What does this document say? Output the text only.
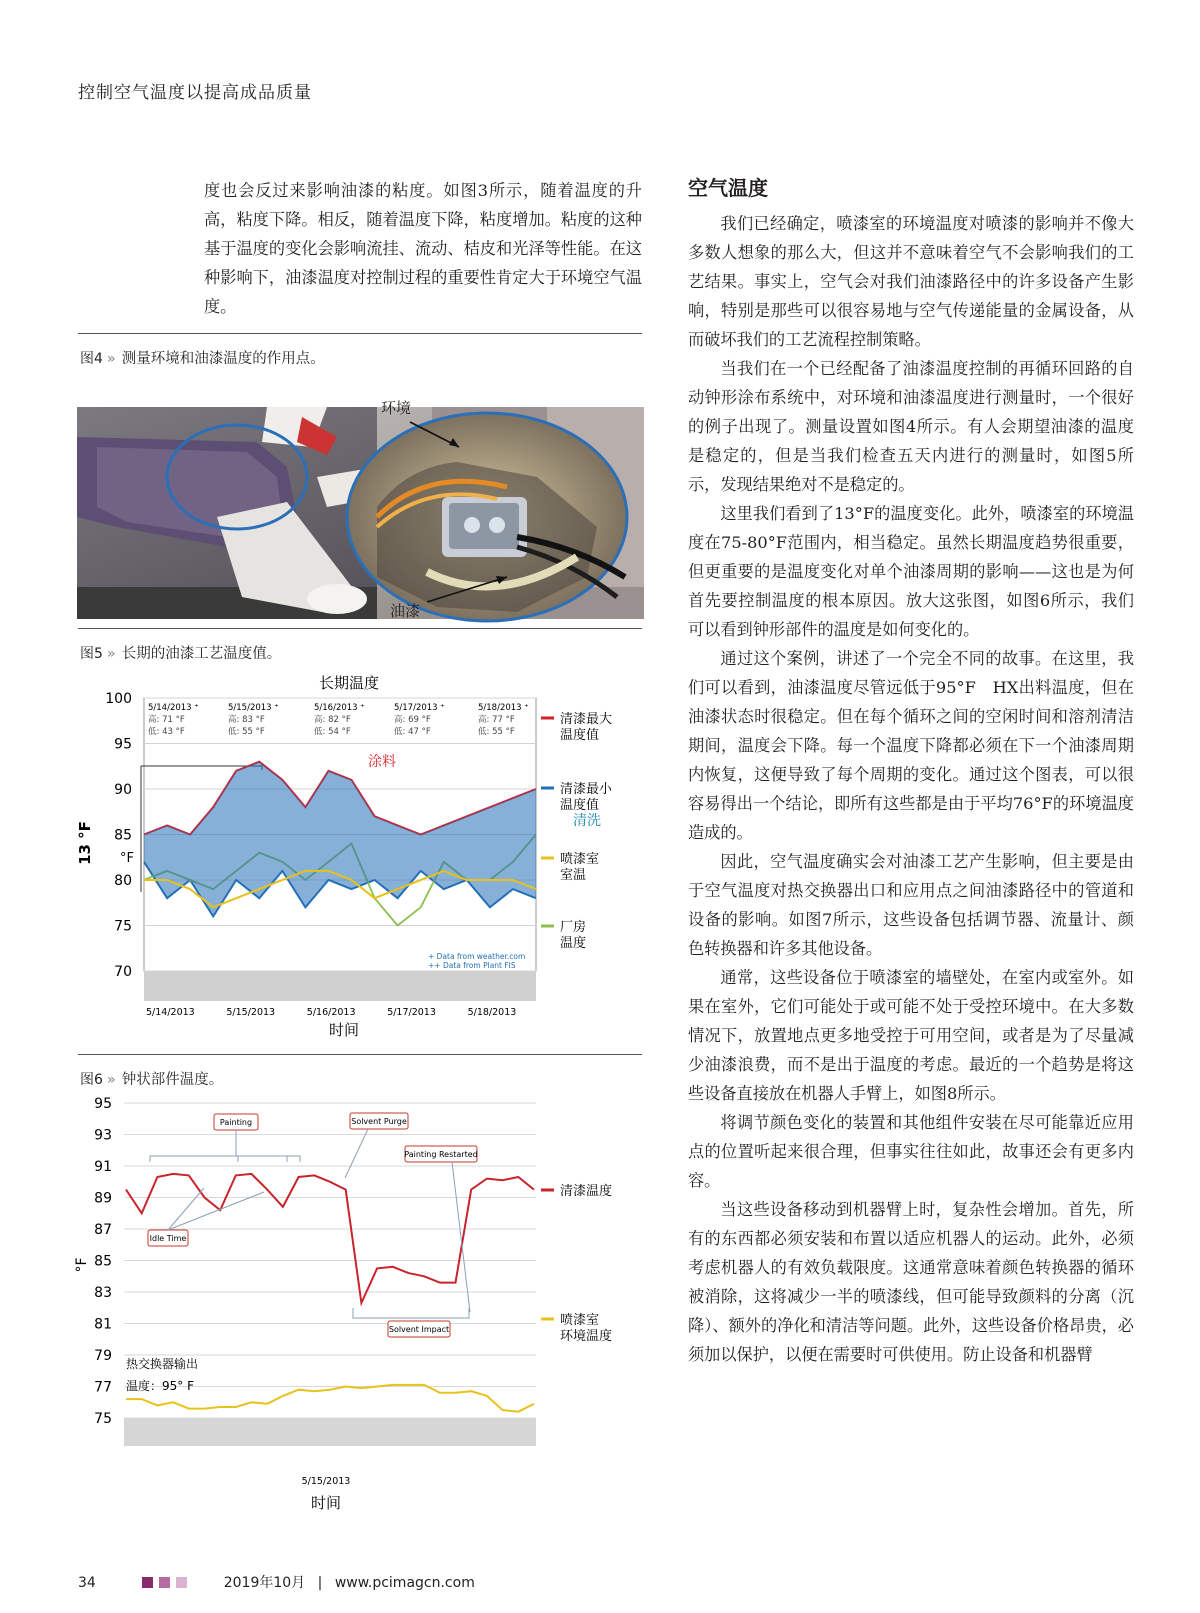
控制空气温度以提高成品质量

度也会反过来影响油漆的粘度。如图3所示，随着温度的升高，粘度下降。相反，随着温度下降，粘度增加。粘度的这种基于温度的变化会影响流挂、流动、桔皮和光泽等性能。在这种影响下，油漆温度对控制过程的重要性肯定大于环境空气温度。

图4 » 测量环境和油漆温度的作用点。
环境
油漆
图5 » 长期的油漆工艺温度值。
长期温度
70
75
80
85
90
95
100
5/14/2013	5/15/2013	5/16/2013	5/17/2013	5/18/2013
13 °F °F
时间
涂料
清洗
+ Data from weather.com
++ Data from Plant FIS
5/14/2013 ⁺
高: 71 °F
低: 43 °F
5/15/2013 ⁺
高: 83 °F
低: 55 °F
5/16/2013 ⁺
高: 82 °F
低: 54 °F
5/17/2013 ⁺
高: 69 °F
低: 47 °F
5/18/2013 ⁺
高: 77 °F
低: 55 °F
清漆最大
温度值
清漆最小
温度值
喷漆室
室温
厂房
温度
图6 » 钟状部件温度。
75
77
79
81
83
85
87
89
91
93
95
°F
5/15/2013
时间
热交换器输出
温度：95° F
Painting	Solvent Purge
Painting Restarted
Idle Time
Solvent Impact
清漆温度
喷漆室
环境温度
空气温度

我们已经确定，喷漆室的环境温度对喷漆的影响并不像大多数人想象的那么大，但这并不意味着空气不会影响我们的工艺结果。事实上，空气会对我们油漆路径中的许多设备产生影响，特别是那些可以很容易地与空气传递能量的金属设备，从而破坏我们的工艺流程控制策略。

当我们在一个已经配备了油漆温度控制的再循环回路的自动钟形涂布系统中，对环境和油漆温度进行测量时，一个很好的例子出现了。测量设置如图4所示。有人会期望油漆的温度是稳定的，但是当我们检查五天内进行的测量时，如图5所示，发现结果绝对不是稳定的。

这里我们看到了13°F的温度变化。此外，喷漆室的环境温度在75-80°F范围内，相当稳定。虽然长期温度趋势很重要，但更重要的是温度变化对单个油漆周期的影响——这也是为何首先要控制温度的根本原因。放大这张图，如图6所示，我们可以看到钟形部件的温度是如何变化的。

通过这个案例，讲述了一个完全不同的故事。在这里，我们可以看到，油漆温度尽管远低于95°F　HX出料温度，但在油漆状态时很稳定。但在每个循环之间的空闲时间和溶剂清洁期间，温度会下降。每一个温度下降都必须在下一个油漆周期内恢复，这便导致了每个周期的变化。通过这个图表，可以很容易得出一个结论，即所有这些都是由于平均76°F的环境温度造成的。

因此，空气温度确实会对油漆工艺产生影响，但主要是由于空气温度对热交换器出口和应用点之间油漆路径中的管道和设备的影响。如图7所示，这些设备包括调节器、流量计、颜色转换器和许多其他设备。

通常，这些设备位于喷漆室的墙壁处，在室内或室外。如果在室外，它们可能处于或可能不处于受控环境中。在大多数情况下，放置地点更多地受控于可用空间，或者是为了尽量减少油漆浪费，而不是出于温度的考虑。最近的一个趋势是将这些设备直接放在机器人手臂上，如图8所示。

将调节颜色变化的装置和其他组件安装在尽可能靠近应用点的位置听起来很合理，但事实往往如此，故事还会有更多内容。

当这些设备移动到机器臂上时，复杂性会增加。首先，所有的东西都必须安装和布置以适应机器人的运动。此外，必须考虑机器人的有效负载限度。这通常意味着颜色转换器的循环被消除，这将减少一半的喷漆线，但可能导致颜料的分离（沉降）、额外的净化和清洁等问题。此外，这些设备价格昂贵，必须加以保护，以便在需要时可供使用。防止设备和机器臂

34	2019年10月 | www.pcimagcn.com
